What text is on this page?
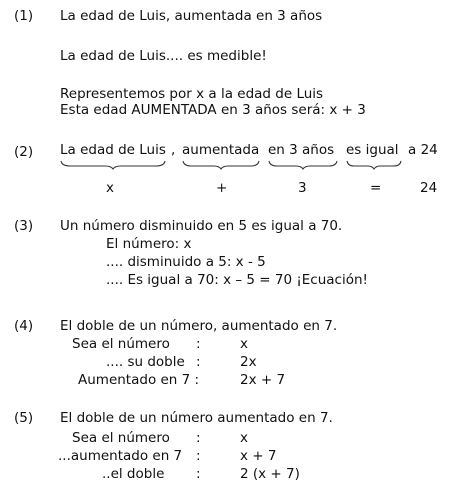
(1) La edad de Luis, aumentada en 3 años
La edad de Luis.... es medible!
Representemos por x a la edad de Luis
Esta edad AUMENTADA en 3 años será: x + 3
(2) La edad de Luis , aumentada en 3 años es igual a 24
x	+	3	=	24
(3) Un número disminuido en 5 es igual a 70.
El número: x
.... disminuido a 5: x - 5
.... Es igual a 70: x – 5 = 70 ¡Ecuación!
(4) El doble de un número, aumentado en 7.
Sea el número :	x
.... su doble :	2x
Aumentado en 7 :	2x + 7
(5) El doble de un número aumentado en 7.
Sea el número :	x
...aumentado en 7 :	x + 7
..el doble :	2 (x + 7)
